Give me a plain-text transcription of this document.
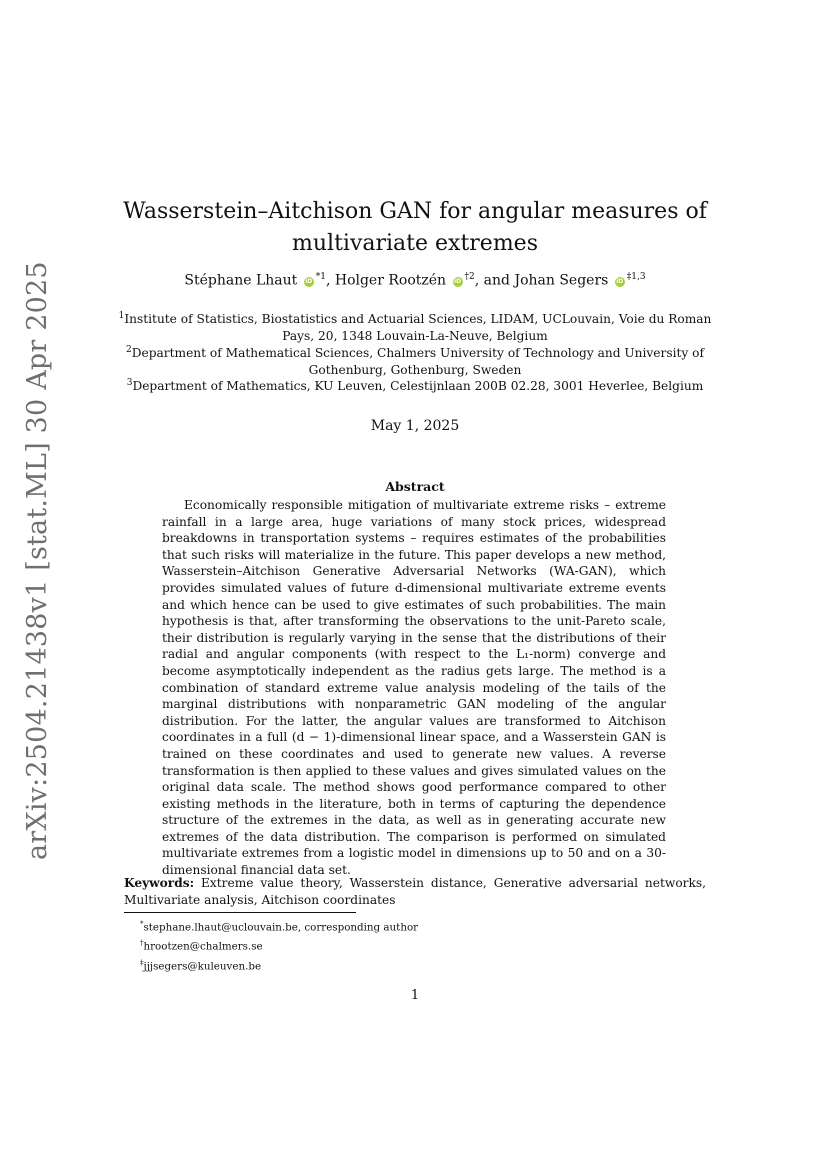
arXiv:2504.21438v1 [stat.ML] 30 Apr 2025
Wasserstein–Aitchison GAN for angular measures of
multivariate extremes
Stéphane Lhaut iD $^{*1}$, Holger Rootzén iD $^{\dagger 2}$, and Johan Segers iD $^{\ddagger 1,3}$
$^1$Institute of Statistics, Biostatistics and Actuarial Sciences, LIDAM, UCLouvain, Voie du Roman
Pays, 20, 1348 Louvain-La-Neuve, Belgium
$^2$Department of Mathematical Sciences, Chalmers University of Technology and University of
Gothenburg, Gothenburg, Sweden
$^3$Department of Mathematics, KU Leuven, Celestijnlaan 200B 02.28, 3001 Heverlee, Belgium
May 1, 2025
Abstract

Economically responsible mitigation of multivariate extreme risks – extreme rainfall in a large area, huge variations of many stock prices, widespread breakdowns in transportation systems – requires estimates of the probabilities that such risks will materialize in the future. This paper develops a new method, Wasserstein–Aitchison Generative Adversarial Networks (WA-GAN), which provides simulated values of future d-dimensional multivariate extreme events and which hence can be used to give estimates of such probabilities. The main hypothesis is that, after transforming the observations to the unit-Pareto scale, their distribution is regularly varying in the sense that the distributions of their radial and angular components (with respect to the L₁-norm) converge and become asymptotically independent as the radius gets large. The method is a combination of standard extreme value analysis modeling of the tails of the marginal distributions with nonparametric GAN modeling of the angular distribution. For the latter, the angular values are transformed to Aitchison coordinates in a full (d − 1)-dimensional linear space, and a Wasserstein GAN is trained on these coordinates and used to generate new values. A reverse transformation is then applied to these values and gives simulated values on the original data scale. The method shows good performance compared to other existing methods in the literature, both in terms of capturing the dependence structure of the extremes in the data, as well as in generating accurate new extremes of the data distribution. The comparison is performed on simulated multivariate extremes from a logistic model in dimensions up to 50 and on a 30-dimensional financial data set.

Keywords: Extreme value theory, Wasserstein distance, Generative adversarial networks, Multivariate analysis, Aitchison coordinates

*stephane.lhaut@uclouvain.be, corresponding author
†hrootzen@chalmers.se
‡jjjsegers@kuleuven.be
1
